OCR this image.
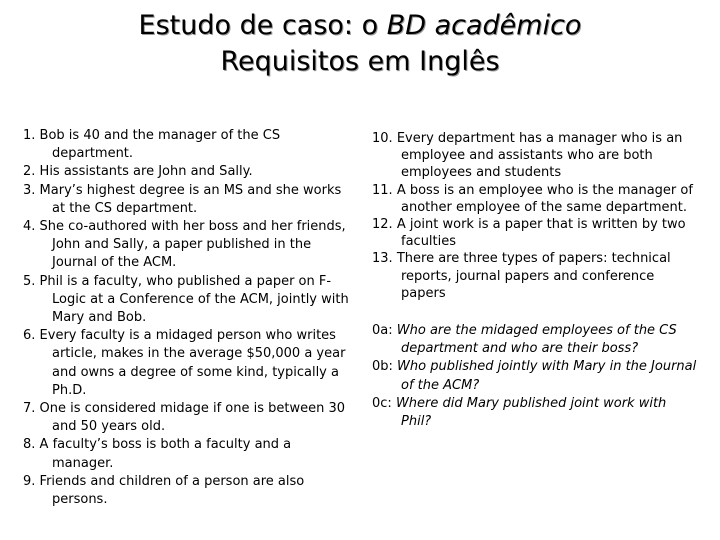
Estudo de caso: o BD acadêmico
Requisitos em Inglês

1. Bob is 40 and the manager of the CS department.

2. His assistants are John and Sally.

3. Mary’s highest degree is an MS and she works at the CS department.

4. She co-authored with her boss and her friends, John and Sally, a paper published in the Journal of the ACM.

5. Phil is a faculty, who published a paper on F-Logic at a Conference of the ACM, jointly with Mary and Bob.

6. Every faculty is a midaged person who writes article, makes in the average $50,000 a year and owns a degree of some kind, typically a Ph.D.

7. One is considered midage if one is between 30 and 50 years old.

8. A faculty’s boss is both a faculty and a manager.

9. Friends and children of a person are also persons.

10. Every department has a manager who is an employee and assistants who are both employees and students

11. A boss is an employee who is the manager of another employee of the same department.

12. A joint work is a paper that is written by two faculties

13. There are three types of papers: technical reports, journal papers and conference papers

0a: Who are the midaged employees of the CS department and who are their boss?

0b: Who published jointly with Mary in the Journal of the ACM?

0c: Where did Mary published joint work with Phil?
